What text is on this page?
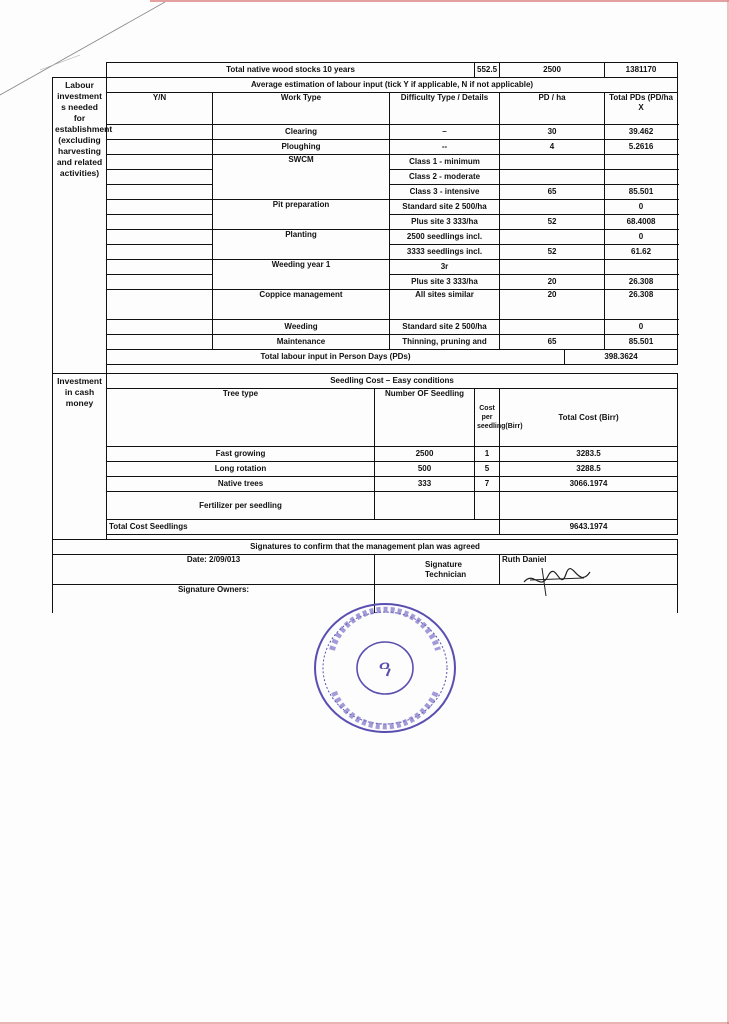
	Total native wood stocks 10 years				552.5	2500		1381170
Labour investment s needed for establishment (excluding harvesting and related activities)	Average estimation of labour input (tick Y if applicable, N if not applicable)							
	Y/N	Work Type		Difficulty Type / Details		PD / ha		Total PDs (PD/ha X
		Clearing		–		30		39.462
		Ploughing		--		4		5.2616
		SWCM		Class 1 - minimum				
				Class 2 - moderate				
				Class 3 - intensive		65		85.501
		Pit preparation		Standard site 2 500/ha				0
				Plus site 3 333/ha		52		68.4008
		Planting		2500 seedlings incl.				0
				3333 seedlings incl.		52		61.62
		Weeding year 1		3r				
				Plus site 3 333/ha		20		26.308
		Coppice management		All sites similar		20		26.308
		Weeding		Standard site 2 500/ha				0
		Maintenance		Thinning, pruning and		65		85.501
	Total labour input in Person Days (PDs)						398.3624	

Investment in cash money	Seedling Cost – Easy conditions							
	Tree type		Number OF Seedling		Cost per seedling(Birr)	Total Cost (Birr)		
	Fast growing		2500		1	3283.5		
	Long rotation		500		5	3288.5		
	Native trees		333		7	3066.1974		
	Fertilizer per seedling							
	Total Cost Seedlings					9643.1974		

Signatures to confirm that the management plan was agreed								
Date: 2/09/013			Signature Technician			Ruth Daniel		
Signature Owners:								
ዓ
